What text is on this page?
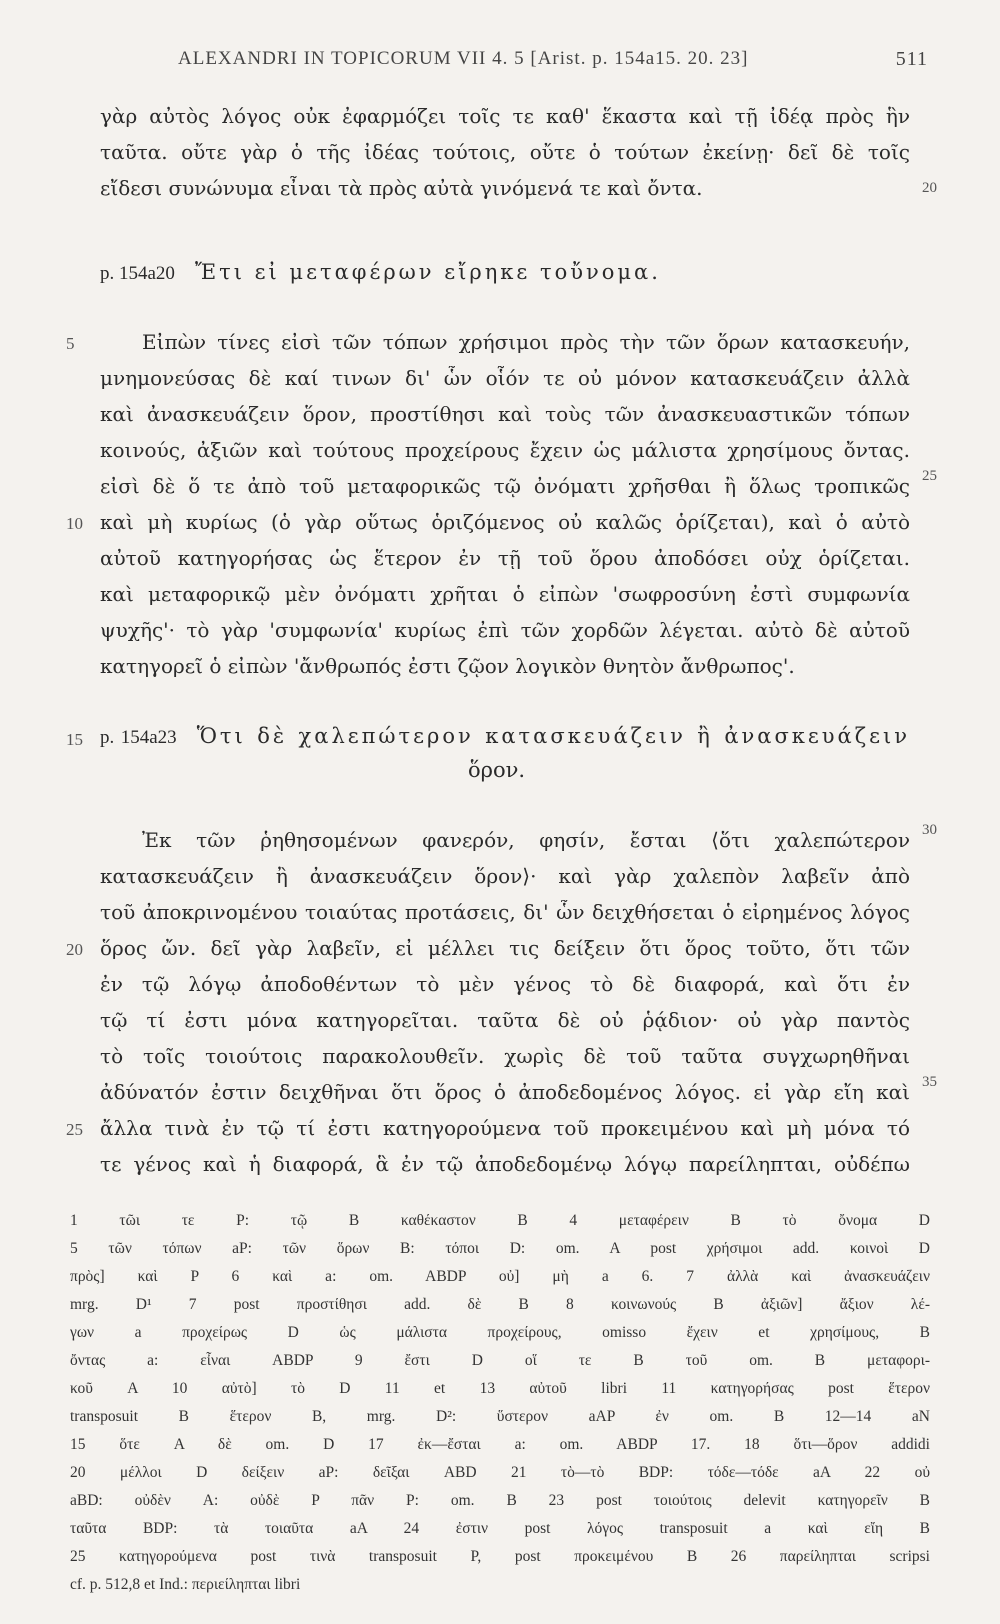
ALEXANDRI IN TOPICORUM VII 4. 5 [Arist. p. 154a15. 20. 23]	511
γὰρ αὐτὸς λόγος οὐκ ἐφαρμόζει τοῖς τε καθ' ἕκαστα καὶ τῇ ἰδέᾳ πρὸς ἣν
ταῦτα. οὔτε γὰρ ὁ τῆς ἰδέας τούτοις, οὔτε ὁ τούτων ἐκείνῃ· δεῖ δὲ τοῖς
εἴδεσι συνώνυμα εἶναι τὰ πρὸς αὐτὰ γινόμενά τε καὶ ὄντα.	20
p. 154a20 Ἔτι εἰ μεταφέρων εἴρηκε τοὔνομα.
5	Εἰπὼν τίνες εἰσὶ τῶν τόπων χρήσιμοι πρὸς τὴν τῶν ὅρων κατασκευήν,
μνημονεύσας δὲ καί τινων δι' ὧν οἷόν τε οὐ μόνον κατασκευάζειν ἀλλὰ
καὶ ἀνασκευάζειν ὅρον, προστίθησι καὶ τοὺς τῶν ἀνασκευαστικῶν τόπων
κοινούς, ἀξιῶν καὶ τούτους προχείρους ἔχειν ὡς μάλιστα χρησίμους ὄντας.
εἰσὶ δὲ ὅ τε ἀπὸ τοῦ μεταφορικῶς τῷ ὀνόματι χρῆσθαι ἢ ὅλως τροπικῶς 25
10 καὶ μὴ κυρίως (ὁ γὰρ οὕτως ὁριζόμενος οὐ καλῶς ὁρίζεται), καὶ ὁ αὐτὸ
αὐτοῦ κατηγορήσας ὡς ἕτερον ἐν τῇ τοῦ ὅρου ἀποδόσει οὐχ ὁρίζεται.
καὶ μεταφορικῷ μὲν ὀνόματι χρῆται ὁ εἰπὼν 'σωφροσύνη ἐστὶ συμφωνία
ψυχῆς'· τὸ γὰρ 'συμφωνία' κυρίως ἐπὶ τῶν χορδῶν λέγεται. αὐτὸ δὲ αὐτοῦ
κατηγορεῖ ὁ εἰπὼν 'ἄνθρωπός ἐστι ζῷον λογικὸν θνητὸν ἄνθρωπος'.
15 p. 154a23 Ὅτι δὲ χαλεπώτερον κατασκευάζειν ἢ ἀνασκευάζειν
ὅρον.
Ἐκ τῶν ῥηθησομένων φανερόν, φησίν, ἔσται ⟨ὅτι χαλεπώτερον 30
κατασκευάζειν ἢ ἀνασκευάζειν ὅρον⟩· καὶ γὰρ χαλεπὸν λαβεῖν ἀπὸ
τοῦ ἀποκρινομένου τοιαύτας προτάσεις, δι' ὧν δειχθήσεται ὁ εἰρημένος λόγος
20 ὅρος ὤν. δεῖ γὰρ λαβεῖν, εἰ μέλλει τις δείξειν ὅτι ὅρος τοῦτο, ὅτι τῶν
ἐν τῷ λόγῳ ἀποδοθέντων τὸ μὲν γένος τὸ δὲ διαφορά, καὶ ὅτι ἐν
τῷ τί ἐστι μόνα κατηγορεῖται. ταῦτα δὲ οὐ ῥᾴδιον· οὐ γὰρ παντὸς
τὸ τοῖς τοιούτοις παρακολουθεῖν. χωρὶς δὲ τοῦ ταῦτα συγχωρηθῆναι
ἀδύνατόν ἐστιν δειχθῆναι ὅτι ὅρος ὁ ἀποδεδομένος λόγος. εἰ γὰρ εἴη καὶ 35
25 ἄλλα τινὰ ἐν τῷ τί ἐστι κατηγορούμενα τοῦ προκειμένου καὶ μὴ μόνα τό
τε γένος καὶ ἡ διαφορά, ἃ ἐν τῷ ἀποδεδομένῳ λόγῳ παρείληπται, οὐδέπω
1 τῶι τε P: τῷ B καθέκαστον B 4 μεταφέρειν B τὸ ὄνομα D
5 τῶν τόπων aP: τῶν ὅρων B: τόποι D: om. A post χρήσιμοι add. κοινοὶ D
πρὸς] καὶ P 6 καὶ a: om. ABDP οὐ] μὴ a 6. 7 ἀλλὰ καὶ ἀνασκευάζειν
mrg. D¹ 7 post προστίθησι add. δὲ B 8 κοινωνούς B ἀξιῶν] ἄξιον λέ-
γων a προχείρως D ὡς μάλιστα προχείρους, omisso ἔχειν et χρησίμους, B
ὄντας a: εἶναι ABDP 9 ἔστι D οἵ τε B τοῦ om. B μεταφορι-
κοῦ A 10 αὐτὸ] τὸ D 11 et 13 αὐτοῦ libri 11 κατηγορήσας post ἕτερον
transposuit B ἕτερον B, mrg. D²: ὕστερον aAP ἐν om. B 12—14 aN
15 ὅτε A δὲ om. D 17 ἐκ—ἔσται a: om. ABDP 17. 18 ὅτι—ὅρον addidi
20 μέλλοι D δείξειν aP: δεῖξαι ABD 21 τὸ—τὸ BDP: τόδε—τόδε aA 22 οὐ
aBD: οὐδὲν A: οὐδὲ P πᾶν P: om. B 23 post τοιούτοις delevit κατηγορεῖν B
ταῦτα BDP: τὰ τοιαῦτα aA 24 ἐστιν post λόγος transposuit a καὶ εἴη B
25 κατηγορούμενα post τινὰ transposuit P, post προκειμένου B 26 παρείληπται scripsi
cf. p. 512,8 et Ind.: περιείληπται libri
